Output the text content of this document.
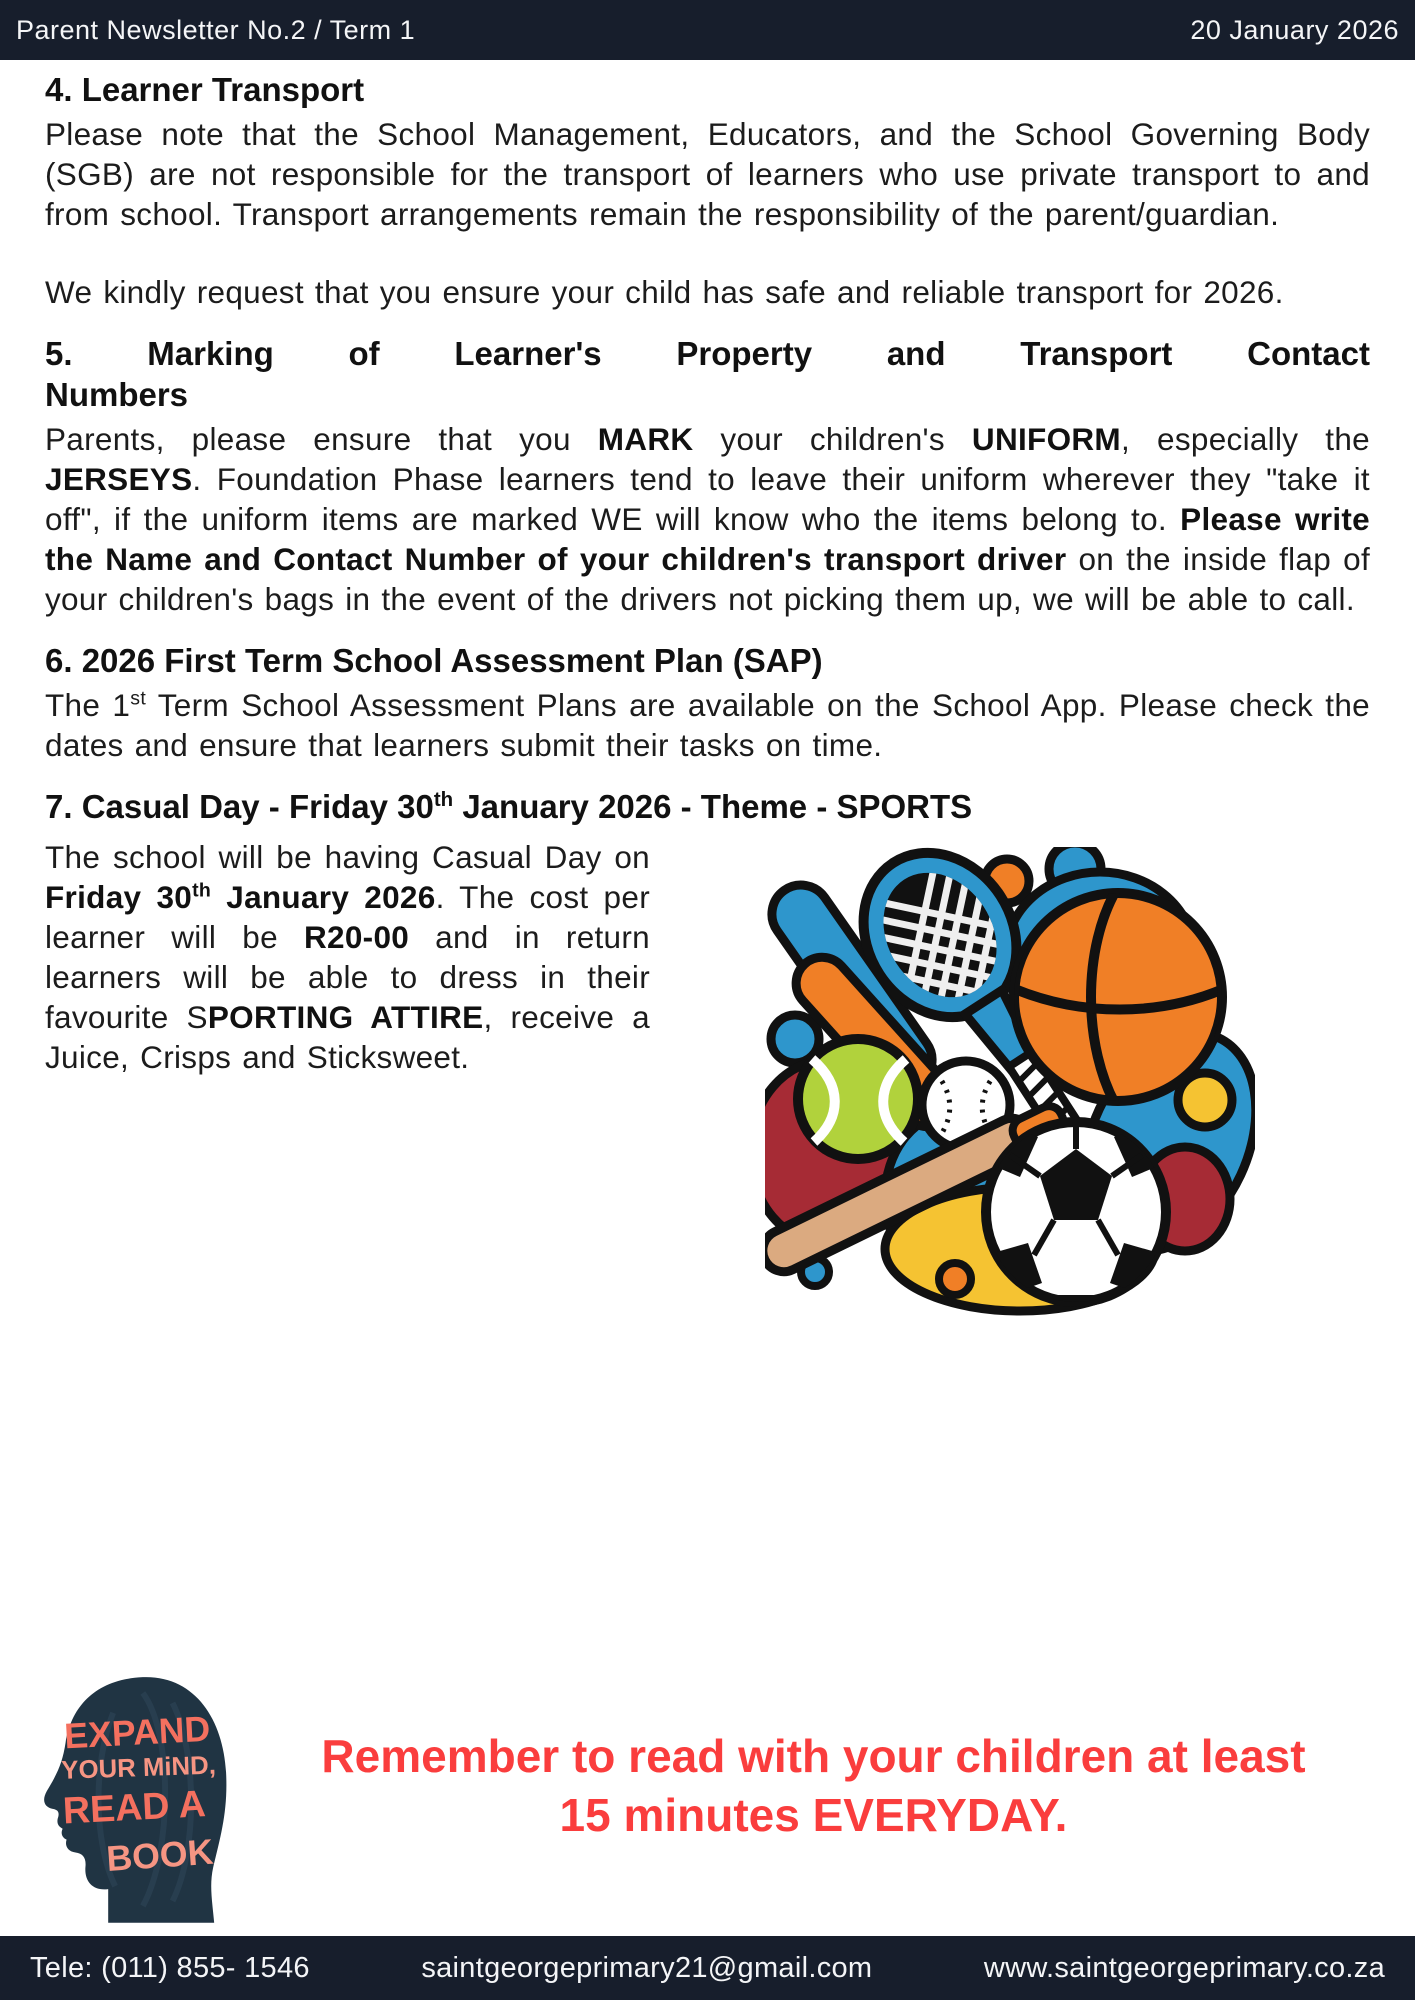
Parent Newsletter No.2 / Term 1	20 January 2026
4. Learner Transport

Please note that the School Management, Educators, and the School Governing Body (SGB) are not responsible for the transport of learners who use private transport to and from school. Transport arrangements remain the responsibility of the parent/guardian.

We kindly request that you ensure your child has safe and reliable transport for 2026.

5. Marking of Learner's Property and Transport Contact
Numbers

Parents, please ensure that you MARK your children's UNIFORM, especially the JERSEYS. Foundation Phase learners tend to leave their uniform wherever they "take it off", if the uniform items are marked WE will know who the items belong to. Please write the Name and Contact Number of your children's transport driver on the inside flap of your children's bags in the event of the drivers not picking them up, we will be able to call.

6. 2026 First Term School Assessment Plan (SAP)

The 1st Term School Assessment Plans are available on the School App. Please check the dates and ensure that learners submit their tasks on time.

7. Casual Day - Friday 30th January 2026 - Theme - SPORTS

The school will be having Casual Day on Friday 30th January 2026. The cost per learner will be R20-00 and in return learners will be able to dress in their favourite SPORTING ATTIRE, receive a Juice, Crisps and Sticksweet.

EXPAND
YOUR MiND,
READ A
BOOK
Remember to read with your children at least 15 minutes EVERYDAY.
Tele: (011) 855- 1546	saintgeorgeprimary21@gmail.com	www.saintgeorgeprimary.co.za
